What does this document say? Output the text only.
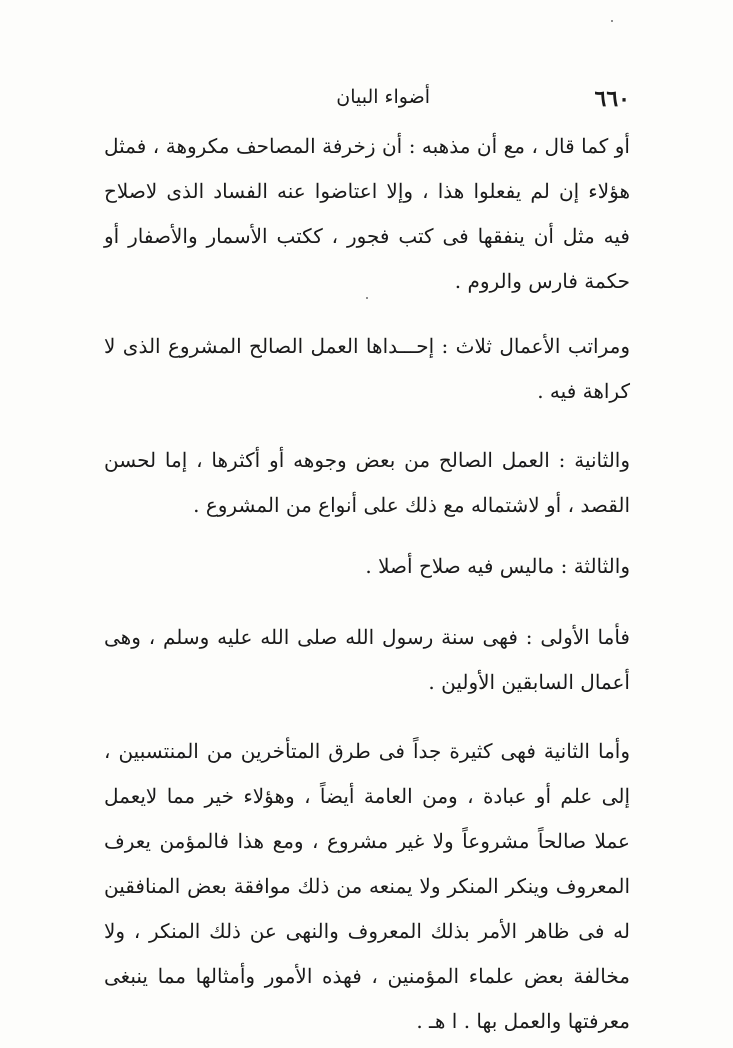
٦٦٠
أضواء البيان

أو كما قال ، مع أن مذهبه : أن زخرفة المصاحف مكروهة ، فمثل هؤلاء إن لم يفعلوا هذا ، وإلا اعتاضوا عنه الفساد الذى لاصلاح فيه مثل أن ينفقها فى كتب فجور ، ككتب الأسمار والأصفار أو حكمة فارس والروم .

ومراتب الأعمال ثلاث : إحـــداها العمل الصالح المشروع الذى لا كراهة فيه .

والثانية : العمل الصالح من بعض وجوهه أو أكثرها ، إما لحسن القصد ، أو لاشتماله مع ذلك على أنواع من المشروع .

والثالثة : ماليس فيه صلاح أصلا .

فأما الأولى : فهى سنة رسول الله صلى الله عليه وسلم ، وهى أعمال السابقين الأولين .

وأما الثانية فهى كثيرة جداً فى طرق المتأخرين من المنتسبين ، إلى علم أو عبادة ، ومن العامة أيضاً ، وهؤلاء خير مما لايعمل عملا صالحاً مشروعاً ولا غير مشروع ، ومع هذا فالمؤمن يعرف المعروف وينكر المنكر ولا يمنعه من ذلك موافقة بعض المنافقين له فى ظاهر الأمر بذلك المعروف والنهى عن ذلك المنكر ، ولا مخالفة بعض علماء المؤمنين ، فهذه الأمور وأمثالها مما ينبغى معرفتها والعمل بها . ا هـ .
